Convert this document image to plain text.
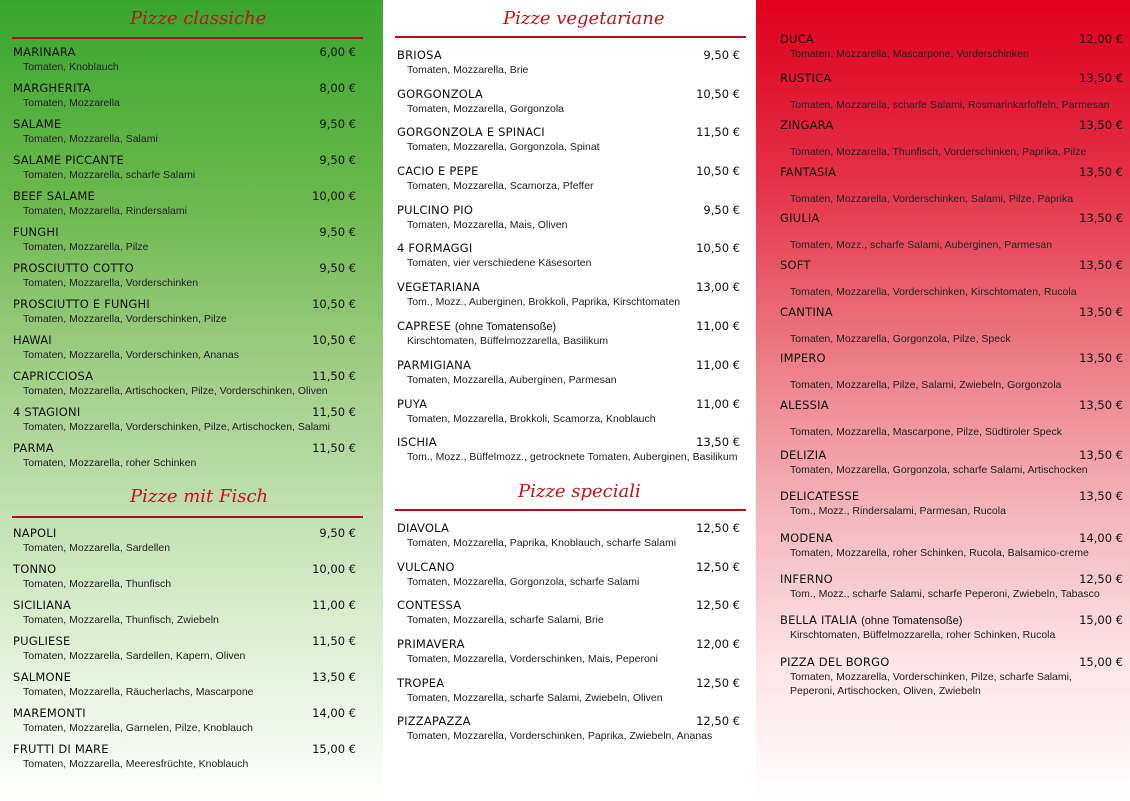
Pizze classiche
MARINARA	6,00 €
Tomaten, Knoblauch
MARGHERITA	8,00 €
Tomaten, Mozzarella
SALAME	9,50 €
Tomaten, Mozzarella, Salami
SALAME PICCANTE	9,50 €
Tomaten, Mozzarella, scharfe Salami
BEEF SALAME	10,00 €
Tomaten, Mozzarella, Rindersalami
FUNGHI	9,50 €
Tomaten, Mozzarella, Pilze
PROSCIUTTO COTTO	9,50 €
Tomaten, Mozzarella, Vorderschinken
PROSCIUTTO E FUNGHI	10,50 €
Tomaten, Mozzarella, Vorderschinken, Pilze
HAWAI	10,50 €
Tomaten, Mozzarella, Vorderschinken, Ananas
CAPRICCIOSA	11,50 €
Tomaten, Mozzarella, Artischocken, Pilze, Vorderschinken, Oliven
4 STAGIONI	11,50 €
Tomaten, Mozzarella, Vorderschinken, Pilze, Artischocken, Salami
PARMA	11,50 €
Tomaten, Mozzarella, roher Schinken
Pizze mit Fisch
NAPOLI	9,50 €
Tomaten, Mozzarella, Sardellen
TONNO	10,00 €
Tomaten, Mozzarella, Thunfisch
SICILIANA	11,00 €
Tomaten, Mozzarella, Thunfisch, Zwiebeln
PUGLIESE	11,50 €
Tomaten, Mozzarella, Sardellen, Kapern, Oliven
SALMONE	13,50 €
Tomaten, Mozzarella, Räucherlachs, Mascarpone
MAREMONTI	14,00 €
Tomaten, Mozzarella, Garnelen, Pilze, Knoblauch
FRUTTI DI MARE	15,00 €
Tomaten, Mozzarella, Meeresfrüchte, Knoblauch
Pizze vegetariane
BRIOSA	9,50 €
Tomaten, Mozzarella, Brie
GORGONZOLA	10,50 €
Tomaten, Mozzarella, Gorgonzola
GORGONZOLA E SPINACI	11,50 €
Tomaten, Mozzarella, Gorgonzola, Spinat
CACIO E PEPE	10,50 €
Tomaten, Mozzarella, Scamorza, Pfeffer
PULCINO PIO	9,50 €
Tomaten, Mozzarella, Mais, Oliven
4 FORMAGGI	10,50 €
Tomaten, vier verschiedene Käsesorten
VEGETARIANA	13,00 €
Tom., Mozz., Auberginen, Brokkoli, Paprika, Kirschtomaten
CAPRESE (ohne Tomatensoße)	11,00 €
Kirschtomaten, Büffelmozzarella, Basilikum
PARMIGIANA	11,00 €
Tomaten, Mozzarella, Auberginen, Parmesan
PUYA	11,00 €
Tomaten, Mozzarella, Brokkoli, Scamorza, Knoblauch
ISCHIA	13,50 €
Tom., Mozz., Büffelmozz., getrocknete Tomaten, Auberginen, Basilikum
Pizze speciali
DIAVOLA	12,50 €
Tomaten, Mozzarella, Paprika, Knoblauch, scharfe Salami
VULCANO	12,50 €
Tomaten, Mozzarella, Gorgonzola, scharfe Salami
CONTESSA	12,50 €
Tomaten, Mozzarella, scharfe Salami, Brie
PRIMAVERA	12,00 €
Tomaten, Mozzarella, Vorderschinken, Mais, Peperoni
TROPEA	12,50 €
Tomaten, Mozzarella, scharfe Salami, Zwiebeln, Oliven
PIZZAPAZZA	12,50 €
Tomaten, Mozzarella, Vorderschinken, Paprika, Zwiebeln, Ananas
DUCA	12,00 €
Tomaten, Mozzarella, Mascarpone, Vorderschinken
RUSTICA	13,50 €
Tomaten, Mozzarella, scharfe Salami, Rosmarinkarfoffeln, Parmesan
ZINGARA	13,50 €
Tomaten, Mozzarella, Thunfisch, Vorderschinken, Paprika, Pilze
FANTASIA	13,50 €
Tomaten, Mozzarella, Vorderschinken, Salami, Pilze, Paprika
GIULIA	13,50 €
Tomaten, Mozz., scharfe Salami, Auberginen, Parmesan
SOFT	13,50 €
Tomaten, Mozzarella, Vorderschinken, Kirschtomaten, Rucola
CANTINA	13,50 €
Tomaten, Mozzarella, Gorgonzola, Pilze, Speck
IMPERO	13,50 €
Tomaten, Mozzarella, Pilze, Salami, Zwiebeln, Gorgonzola
ALESSIA	13,50 €
Tomaten, Mozzarella, Mascarpone, Pilze, Südtiroler Speck
DELIZIA	13,50 €
Tomaten, Mozzarella, Gorgonzola, scharfe Salami, Artischocken
DELICATESSE	13,50 €
Tom., Mozz., Rindersalami, Parmesan, Rucola
MODENA	14,00 €
Tomaten, Mozzarella, roher Schinken, Rucola, Balsamico-creme
INFERNO	12,50 €
Tom., Mozz., scharfe Salami, scharfe Peperoni, Zwiebeln, Tabasco
BELLA ITALIA (ohne Tomatensoße)	15,00 €
Kirschtomaten, Büffelmozzarella, roher Schinken, Rucola
PIZZA DEL BORGO	15,00 €
Tomaten, Mozzarella, Vorderschinken, Pilze, scharfe Salami, Peperoni, Artischocken, Oliven, Zwiebeln
